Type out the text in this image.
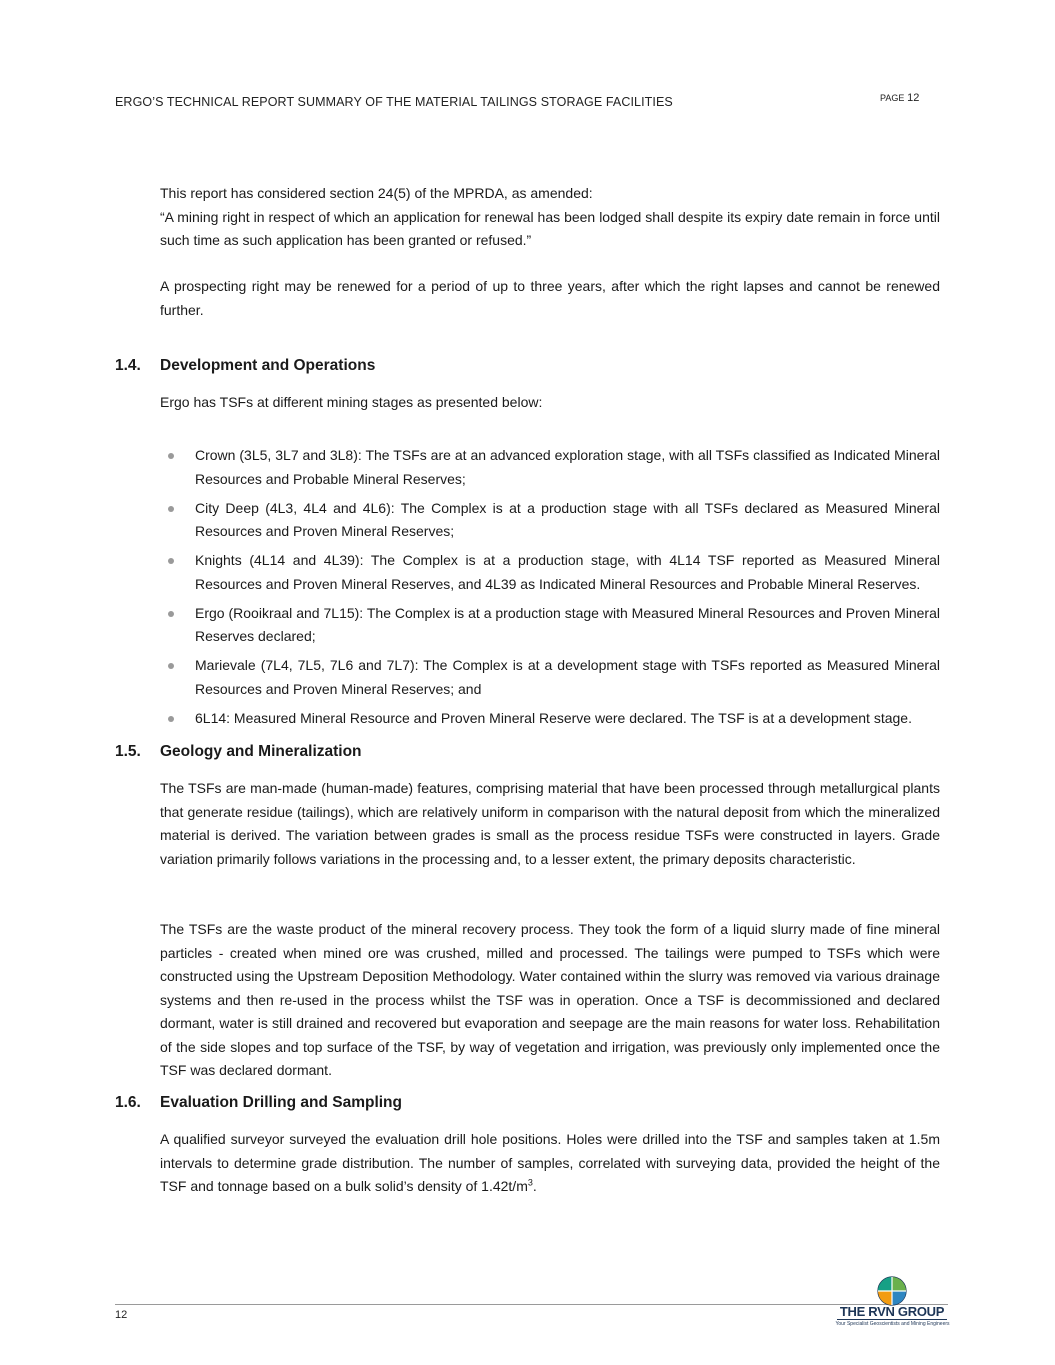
ERGO’S TECHNICAL REPORT SUMMARY OF THE MATERIAL TAILINGS STORAGE FACILITIES	PAGE 12

This report has considered section 24(5) of the MPRDA, as amended:
“A mining right in respect of which an application for renewal has been lodged shall despite its expiry date remain in force until such time as such application has been granted or refused.”

A prospecting right may be renewed for a period of up to three years, after which the right lapses and cannot be renewed further.

1.4. Development and Operations

Ergo has TSFs at different mining stages as presented below:

Crown (3L5, 3L7 and 3L8): The TSFs are at an advanced exploration stage, with all TSFs classified as Indicated Mineral Resources and Probable Mineral Reserves;
City Deep (4L3, 4L4 and 4L6): The Complex is at a production stage with all TSFs declared as Measured Mineral Resources and Proven Mineral Reserves;
Knights (4L14 and 4L39): The Complex is at a production stage, with 4L14 TSF reported as Measured Mineral Resources and Proven Mineral Reserves, and 4L39 as Indicated Mineral Resources and Probable Mineral Reserves.
Ergo (Rooikraal and 7L15): The Complex is at a production stage with Measured Mineral Resources and Proven Mineral Reserves declared;
Marievale (7L4, 7L5, 7L6 and 7L7): The Complex is at a development stage with TSFs reported as Measured Mineral Resources and Proven Mineral Reserves; and
6L14: Measured Mineral Resource and Proven Mineral Reserve were declared. The TSF is at a development stage.
1.5. Geology and Mineralization

The TSFs are man-made (human-made) features, comprising material that have been processed through metallurgical plants that generate residue (tailings), which are relatively uniform in comparison with the natural deposit from which the mineralized material is derived. The variation between grades is small as the process residue TSFs were constructed in layers. Grade variation primarily follows variations in the processing and, to a lesser extent, the primary deposits characteristic.

The TSFs are the waste product of the mineral recovery process. They took the form of a liquid slurry made of fine mineral particles - created when mined ore was crushed, milled and processed. The tailings were pumped to TSFs which were constructed using the Upstream Deposition Methodology. Water contained within the slurry was removed via various drainage systems and then re-used in the process whilst the TSF was in operation. Once a TSF is decommissioned and declared dormant, water is still drained and recovered but evaporation and seepage are the main reasons for water loss. Rehabilitation of the side slopes and top surface of the TSF, by way of vegetation and irrigation, was previously only implemented once the TSF was declared dormant.

1.6. Evaluation Drilling and Sampling

A qualified surveyor surveyed the evaluation drill hole positions. Holes were drilled into the TSF and samples taken at 1.5m intervals to determine grade distribution. The number of samples, correlated with surveying data, provided the height of the TSF and tonnage based on a bulk solid’s density of $1.42t/m^3$.

12	THE RVN GROUP
Your Specialist Geoscientists and Mining Engineers
